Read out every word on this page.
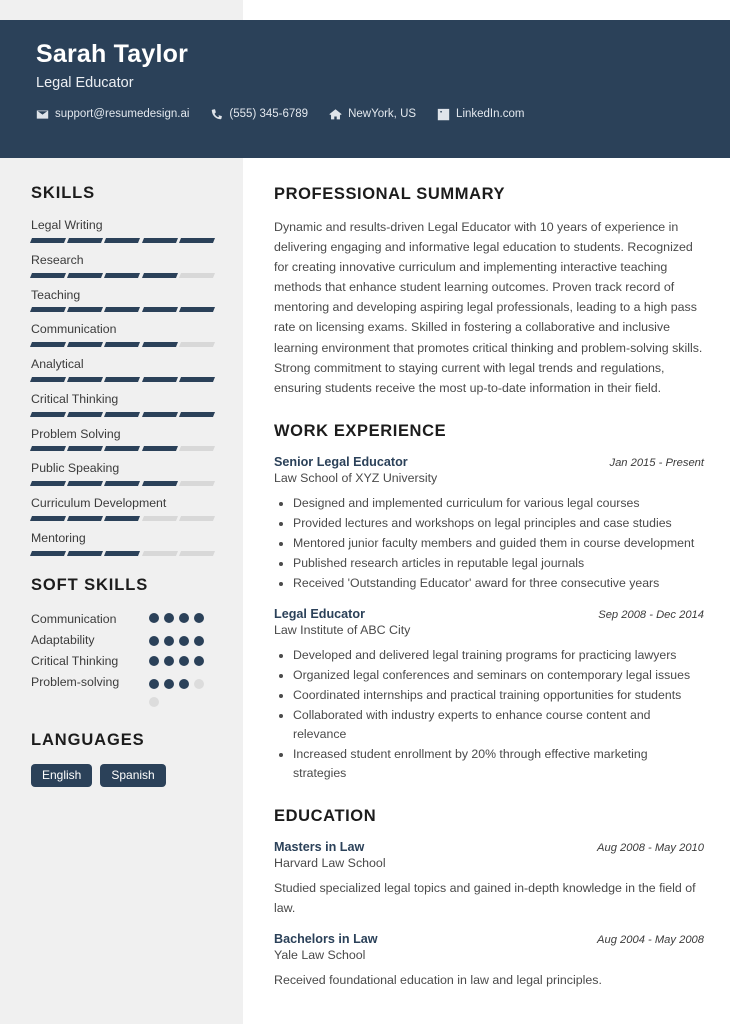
Sarah Taylor
Legal Educator
support@resumedesign.ai	(555) 345-6789	NewYork, US	LinkedIn.com
SKILLS
Legal Writing
Research
Teaching
Communication
Analytical
Critical Thinking
Problem Solving
Public Speaking
Curriculum Development
Mentoring
SOFT SKILLS
Communication
Adaptability
Critical Thinking
Problem-solving
LANGUAGES
English	Spanish
PROFESSIONAL SUMMARY
Dynamic and results-driven Legal Educator with 10 years of experience in delivering engaging and informative legal education to students. Recognized for creating innovative curriculum and implementing interactive teaching methods that enhance student learning outcomes. Proven track record of mentoring and developing aspiring legal professionals, leading to a high pass rate on licensing exams. Skilled in fostering a collaborative and inclusive learning environment that promotes critical thinking and problem-solving skills. Strong commitment to staying current with legal trends and regulations, ensuring students receive the most up-to-date information in their field.
WORK EXPERIENCE
Senior Legal Educator	Jan 2015 - Present
Law School of XYZ University
• Designed and implemented curriculum for various legal courses
• Provided lectures and workshops on legal principles and case studies
• Mentored junior faculty members and guided them in course development
• Published research articles in reputable legal journals
• Received 'Outstanding Educator' award for three consecutive years
Legal Educator	Sep 2008 - Dec 2014
Law Institute of ABC City
• Developed and delivered legal training programs for practicing lawyers
• Organized legal conferences and seminars on contemporary legal issues
• Coordinated internships and practical training opportunities for students
• Collaborated with industry experts to enhance course content and relevance
• Increased student enrollment by 20% through effective marketing strategies
EDUCATION
Masters in Law	Aug 2008 - May 2010
Harvard Law School
Studied specialized legal topics and gained in-depth knowledge in the field of law.
Bachelors in Law	Aug 2004 - May 2008
Yale Law School
Received foundational education in law and legal principles.
